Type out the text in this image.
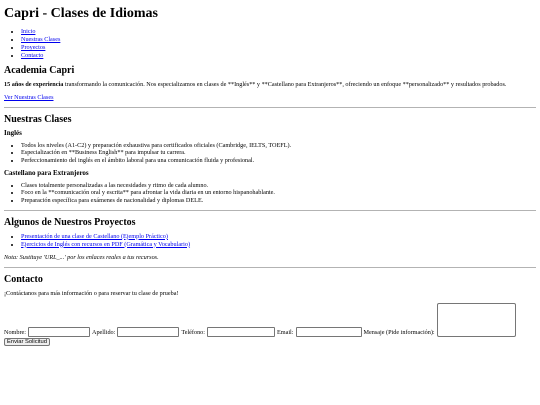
Capri - Clases de Idiomas
• Inicio
• Nuestras Clases
• Proyectos
• Contacto
Academia Capri

15 años de experiencia transformando la comunicación. Nos especializamos en clases de **Inglés** y **Castellano para Extranjeros**, ofreciendo un enfoque **personalizado** y resultados probados.

Ver Nuestras Clases

Nuestras Clases
Inglés
• Todos los niveles (A1-C2) y preparación exhaustiva para certificados oficiales (Cambridge, IELTS, TOEFL).
• Especialización en **Business English** para impulsar tu carrera.
• Perfeccionamiento del inglés en el ámbito laboral para una comunicación fluida y profesional.
Castellano para Extranjeros
• Clases totalmente personalizadas a las necesidades y ritmo de cada alumno.
• Foco en la **comunicación oral y escrita** para afrontar la vida diaria en un entorno hispanohablante.
• Preparación específica para exámenes de nacionalidad y diplomas DELE.
Algunos de Nuestros Proyectos
• Presentación de una clase de Castellano (Ejemplo Práctico)
• Ejercicios de Inglés con recursos en PDF (Gramática y Vocabulario)

Nota: Sustituye 'URL_...' por los enlaces reales a tus recursos.

Contacto

¡Contáctanos para más información o para reservar tu clase de prueba!

Nombre:	Apellido:	Teléfono:	Email:	Mensaje (Pide información):
Enviar Solicitud
